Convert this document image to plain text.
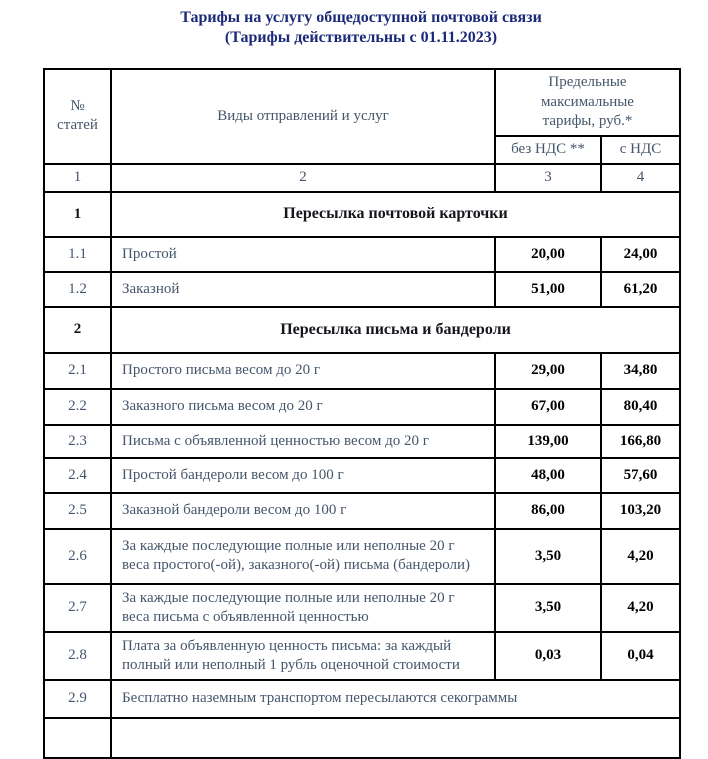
Тарифы на услугу общедоступной почтовой связи
(Тарифы действительны с 01.11.2023)
№ статей	Виды отправлений и услуг	Предельные максимальные тарифы, руб.*	
		без НДС **	с НДС
1	2	3	4
1	Пересылка почтовой карточки		
1.1	Простой	20,00	24,00
1.2	Заказной	51,00	61,20
2	Пересылка письма и бандероли		
2.1	Простого письма весом до 20 г	29,00	34,80
2.2	Заказного письма весом до 20 г	67,00	80,40
2.3	Письма с объявленной ценностью весом до 20 г	139,00	166,80
2.4	Простой бандероли весом до 100 г	48,00	57,60
2.5	Заказной бандероли весом до 100 г	86,00	103,20
2.6	За каждые последующие полные или неполные 20 г веса простого(-ой), заказного(-ой) письма (бандероли)	3,50	4,20
2.7	За каждые последующие полные или неполные 20 г веса письма с объявленной ценностью	3,50	4,20
2.8	Плата за объявленную ценность письма: за каждый полный или неполный 1 рубль оценочной стоимости	0,03	0,04
2.9	Бесплатно наземным транспортом пересылаются секограммы		
